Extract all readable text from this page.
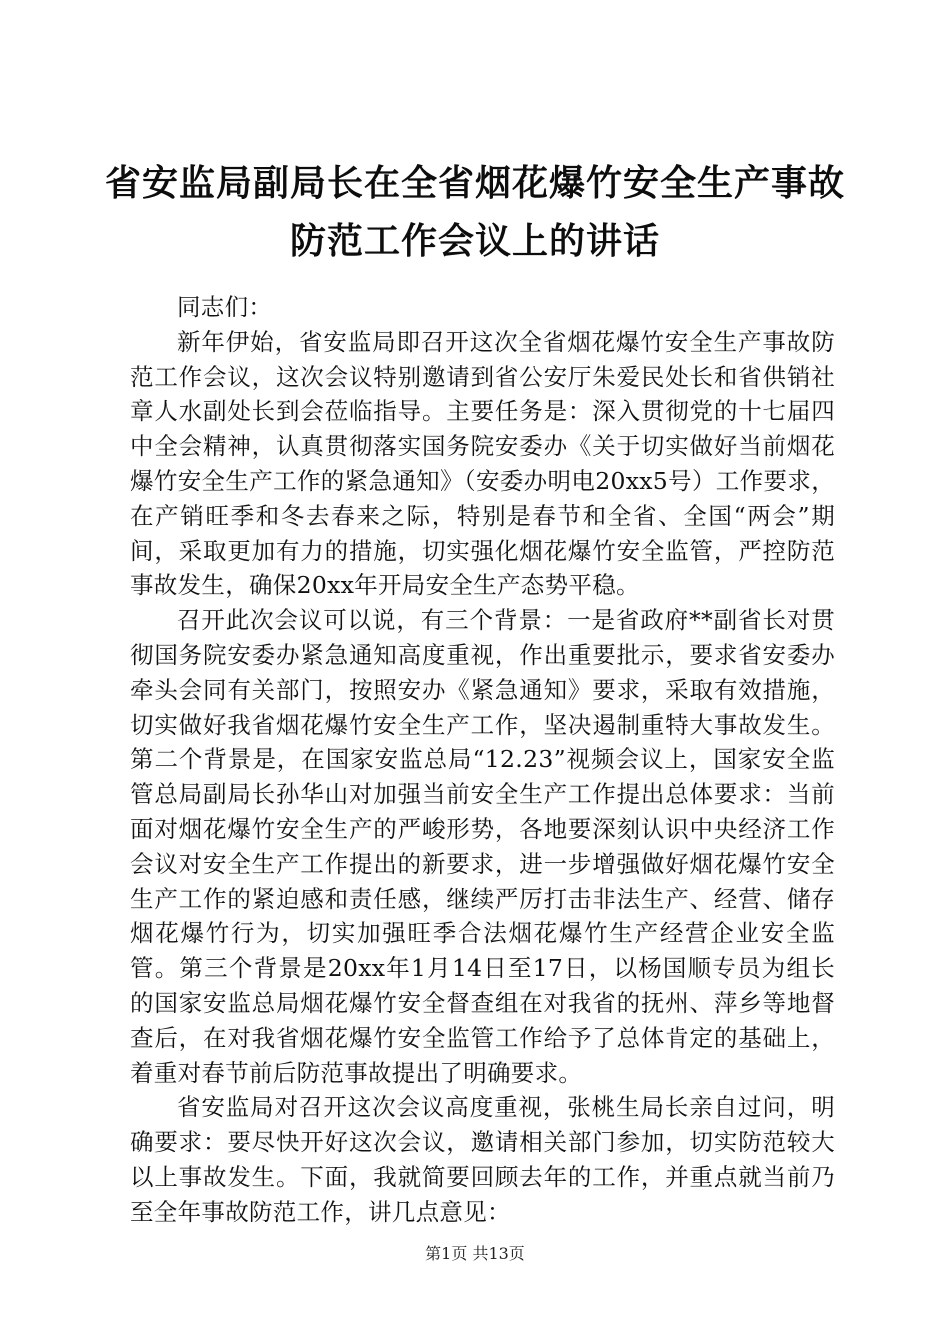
省安监局副局长在全省烟花爆竹安全生产事故
防范工作会议上的讲话

同志们：

新年伊始，省安监局即召开这次全省烟花爆竹安全生产事故防范工作会议，这次会议特别邀请到省公安厅朱爱民处长和省供销社章人水副处长到会莅临指导。主要任务是：深入贯彻党的十七届四中全会精神，认真贯彻落实国务院安委办《关于切实做好当前烟花爆竹安全生产工作的紧急通知》（安委办明电20xx5号）工作要求，在产销旺季和冬去春来之际，特别是春节和全省、全国“两会”期间，采取更加有力的措施，切实强化烟花爆竹安全监管，严控防范事故发生，确保20xx年开局安全生产态势平稳。

召开此次会议可以说，有三个背景：一是省政府**副省长对贯彻国务院安委办紧急通知高度重视，作出重要批示，要求省安委办牵头会同有关部门，按照安办《紧急通知》要求，采取有效措施，切实做好我省烟花爆竹安全生产工作，坚决遏制重特大事故发生。第二个背景是，在国家安监总局“12.23”视频会议上，国家安全监管总局副局长孙华山对加强当前安全生产工作提出总体要求：当前面对烟花爆竹安全生产的严峻形势，各地要深刻认识中央经济工作会议对安全生产工作提出的新要求，进一步增强做好烟花爆竹安全生产工作的紧迫感和责任感，继续严厉打击非法生产、经营、储存烟花爆竹行为，切实加强旺季合法烟花爆竹生产经营企业安全监管。第三个背景是20xx年1月14日至17日，以杨国顺专员为组长的国家安监总局烟花爆竹安全督查组在对我省的抚州、萍乡等地督查后，在对我省烟花爆竹安全监管工作给予了总体肯定的基础上，着重对春节前后防范事故提出了明确要求。

省安监局对召开这次会议高度重视，张桃生局长亲自过问，明确要求：要尽快开好这次会议，邀请相关部门参加，切实防范较大以上事故发生。下面，我就简要回顾去年的工作，并重点就当前乃至全年事故防范工作，讲几点意见：

第1页 共13页
